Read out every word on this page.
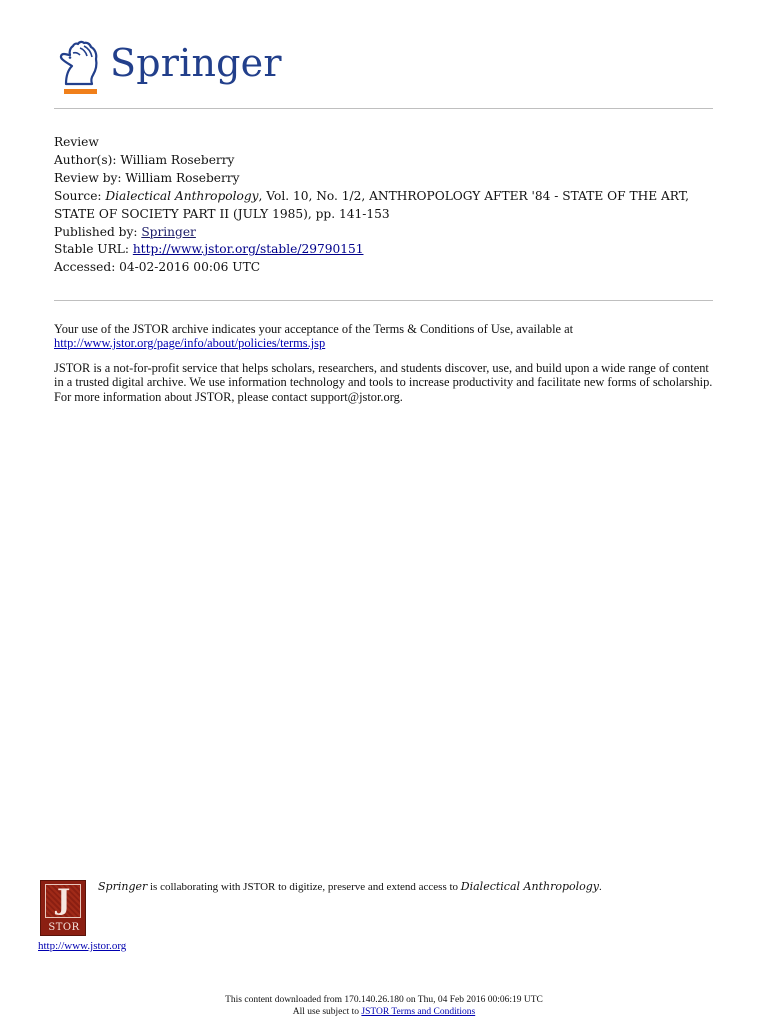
Springer
Review
Author(s): William Roseberry
Review by: William Roseberry
Source: Dialectical Anthropology, Vol. 10, No. 1/2, ANTHROPOLOGY AFTER '84 - STATE OF THE ART, STATE OF SOCIETY PART II (JULY 1985), pp. 141-153
Published by: Springer
Stable URL: http://www.jstor.org/stable/29790151
Accessed: 04-02-2016 00:06 UTC

Your use of the JSTOR archive indicates your acceptance of the Terms & Conditions of Use, available at http://www.jstor.org/page/info/about/policies/terms.jsp

JSTOR is a not-for-profit service that helps scholars, researchers, and students discover, use, and build upon a wide range of content in a trusted digital archive. We use information technology and tools to increase productivity and facilitate new forms of scholarship. For more information about JSTOR, please contact support@jstor.org.

J
STOR
http://www.jstor.org
Springer is collaborating with JSTOR to digitize, preserve and extend access to Dialectical Anthropology.
This content downloaded from 170.140.26.180 on Thu, 04 Feb 2016 00:06:19 UTC
All use subject to JSTOR Terms and Conditions
